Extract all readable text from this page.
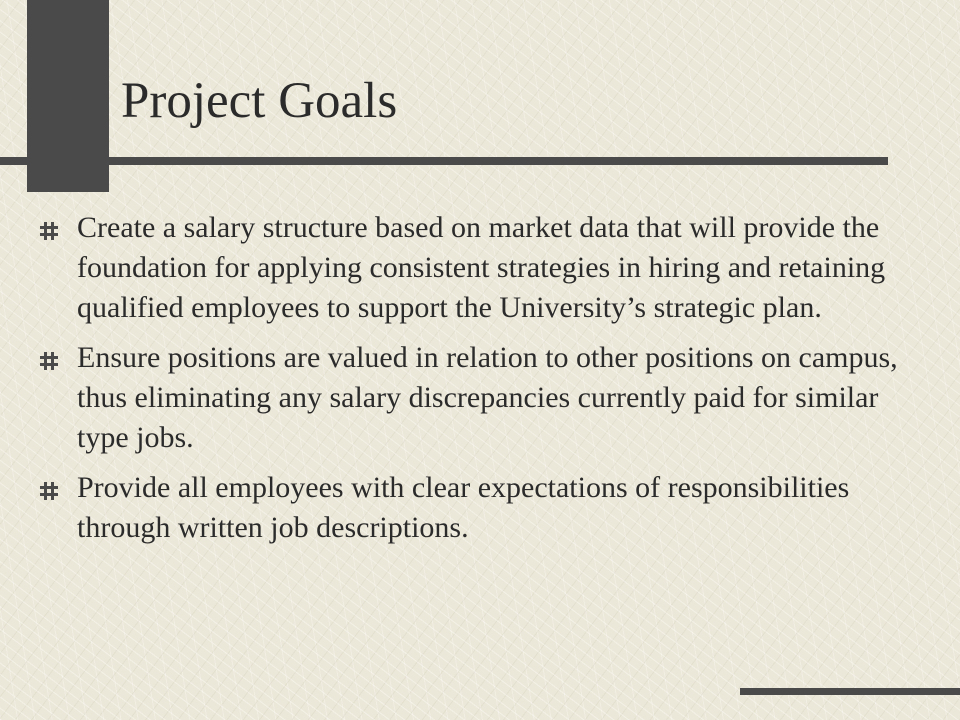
Project Goals
Create a salary structure based on market data that will provide the foundation for applying consistent strategies in hiring and retaining qualified employees to support the University’s strategic plan.
Ensure positions are valued in relation to other positions on campus, thus eliminating any salary discrepancies currently paid for similar type jobs.
Provide all employees with clear expectations of responsibilities through written job descriptions.
